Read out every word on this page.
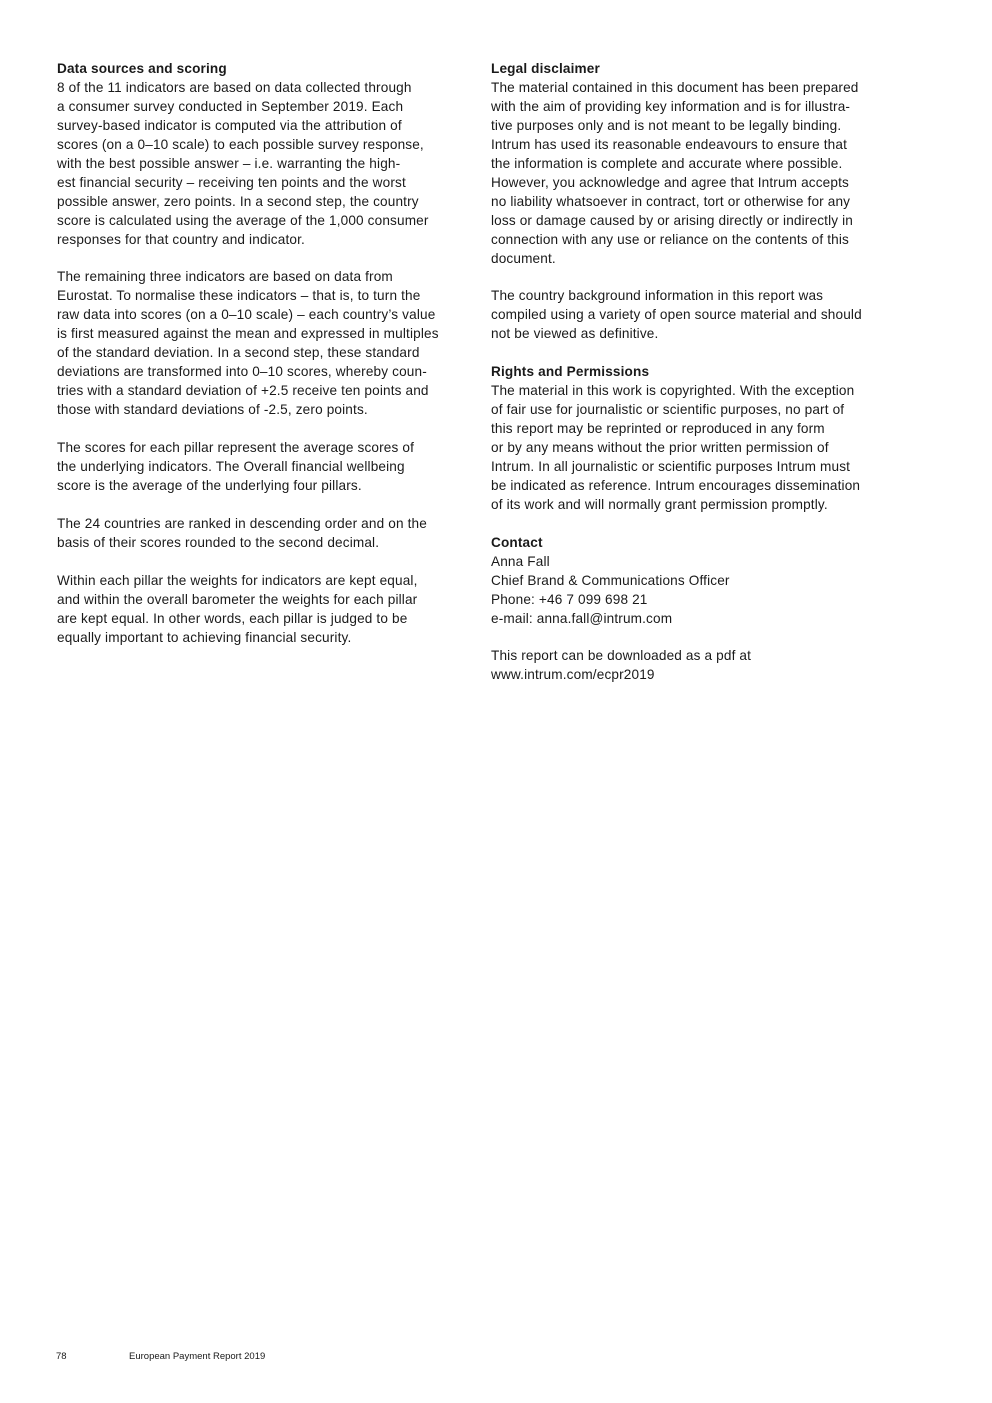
Data sources and scoring
8 of the 11 indicators are based on data collected through
a consumer survey conducted in September 2019. Each
survey-based indicator is computed via the attribution of
scores (on a 0–10 scale) to each possible survey response,
with the best possible answer – i.e. warranting the high-
est financial security – receiving ten points and the worst
possible answer, zero points. In a second step, the country
score is calculated using the average of the 1,000 consumer
responses for that country and indicator.
The remaining three indicators are based on data from
Eurostat. To normalise these indicators – that is, to turn the
raw data into scores (on a 0–10 scale) – each country’s value
is first measured against the mean and expressed in multiples
of the standard deviation. In a second step, these standard
deviations are transformed into 0–10 scores, whereby coun-
tries with a standard deviation of +2.5 receive ten points and
those with standard deviations of -2.5, zero points.
The scores for each pillar represent the average scores of
the underlying indicators. The Overall financial wellbeing
score is the average of the underlying four pillars.
The 24 countries are ranked in descending order and on the
basis of their scores rounded to the second decimal.
Within each pillar the weights for indicators are kept equal,
and within the overall barometer the weights for each pillar
are kept equal. In other words, each pillar is judged to be
equally important to achieving financial security.
Legal disclaimer
The material contained in this document has been prepared
with the aim of providing key information and is for illustra-
tive purposes only and is not meant to be legally binding.
Intrum has used its reasonable endeavours to ensure that
the information is complete and accurate where possible.
However, you acknowledge and agree that Intrum accepts
no liability whatsoever in contract, tort or otherwise for any
loss or damage caused by or arising directly or indirectly in
connection with any use or reliance on the contents of this
document.
The country background information in this report was
compiled using a variety of open source material and should
not be viewed as definitive.
Rights and Permissions
The material in this work is copyrighted. With the exception
of fair use for journalistic or scientific purposes, no part of
this report may be reprinted or reproduced in any form
or by any means without the prior written permission of
Intrum. In all journalistic or scientific purposes Intrum must
be indicated as reference. Intrum encourages dissemination
of its work and will normally grant permission promptly.
Contact
Anna Fall
Chief Brand & Communications Officer
Phone: +46 7 099 698 21
e-mail: anna.fall@intrum.com
This report can be downloaded as a pdf at
www.intrum.com/ecpr2019
78	European Payment Report 2019
